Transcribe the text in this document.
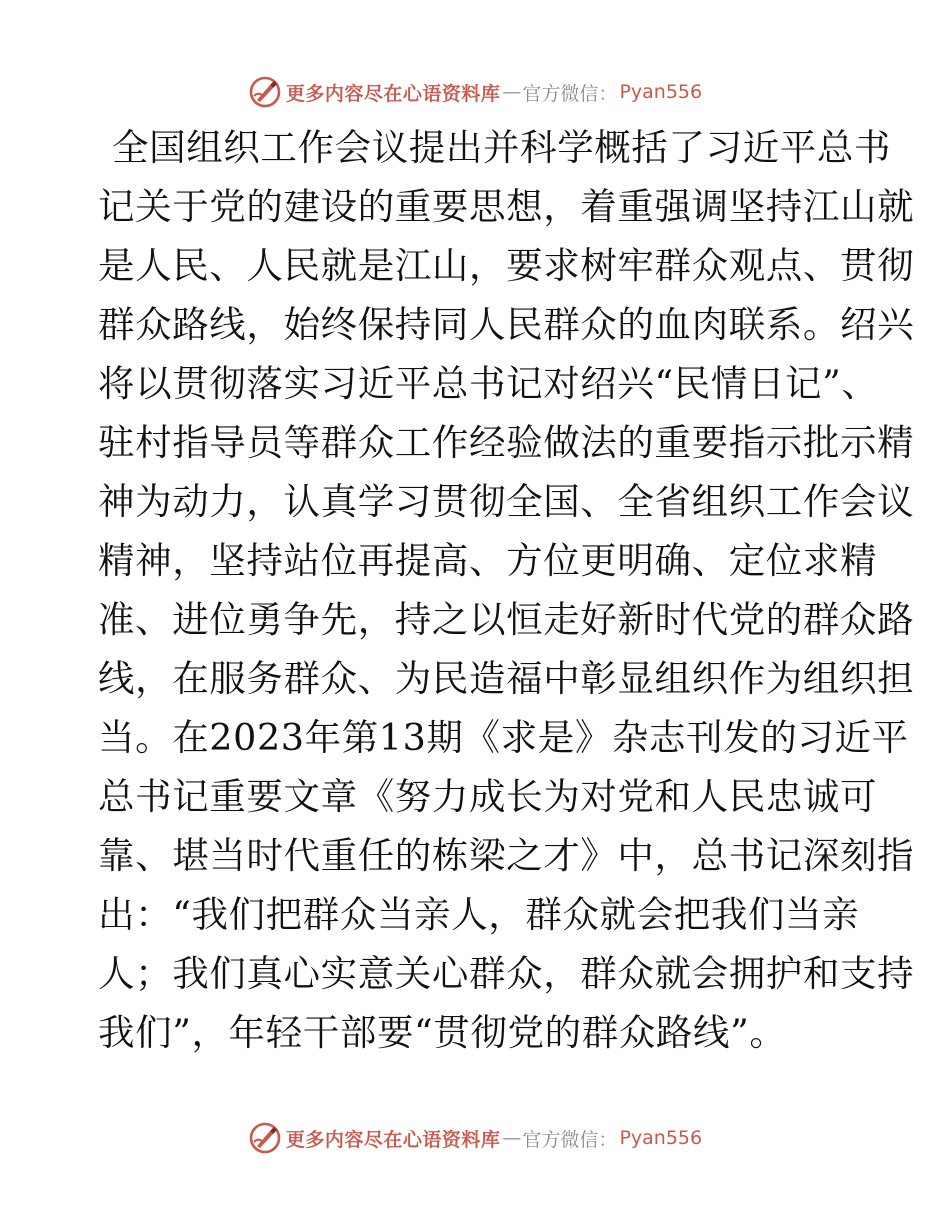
更多内容尽在心语资料库 — 官方微信： Pyan556
全国组织工作会议提出并科学概括了习近平总书
记关于党的建设的重要思想，着重强调坚持江山就
是人民、人民就是江山，要求树牢群众观点、贯彻
群众路线，始终保持同人民群众的血肉联系。绍兴
将以贯彻落实习近平总书记对绍兴“民情日记”、
驻村指导员等群众工作经验做法的重要指示批示精
神为动力，认真学习贯彻全国、全省组织工作会议
精神，坚持站位再提高、方位更明确、定位求精
准、进位勇争先，持之以恒走好新时代党的群众路
线，在服务群众、为民造福中彰显组织作为组织担
当。在2023年第13期《求是》杂志刊发的习近平
总书记重要文章《努力成长为对党和人民忠诚可
靠、堪当时代重任的栋梁之才》中，总书记深刻指
出：“我们把群众当亲人，群众就会把我们当亲
人；我们真心实意关心群众，群众就会拥护和支持
我们”，年轻干部要“贯彻党的群众路线”。
更多内容尽在心语资料库 — 官方微信： Pyan556
